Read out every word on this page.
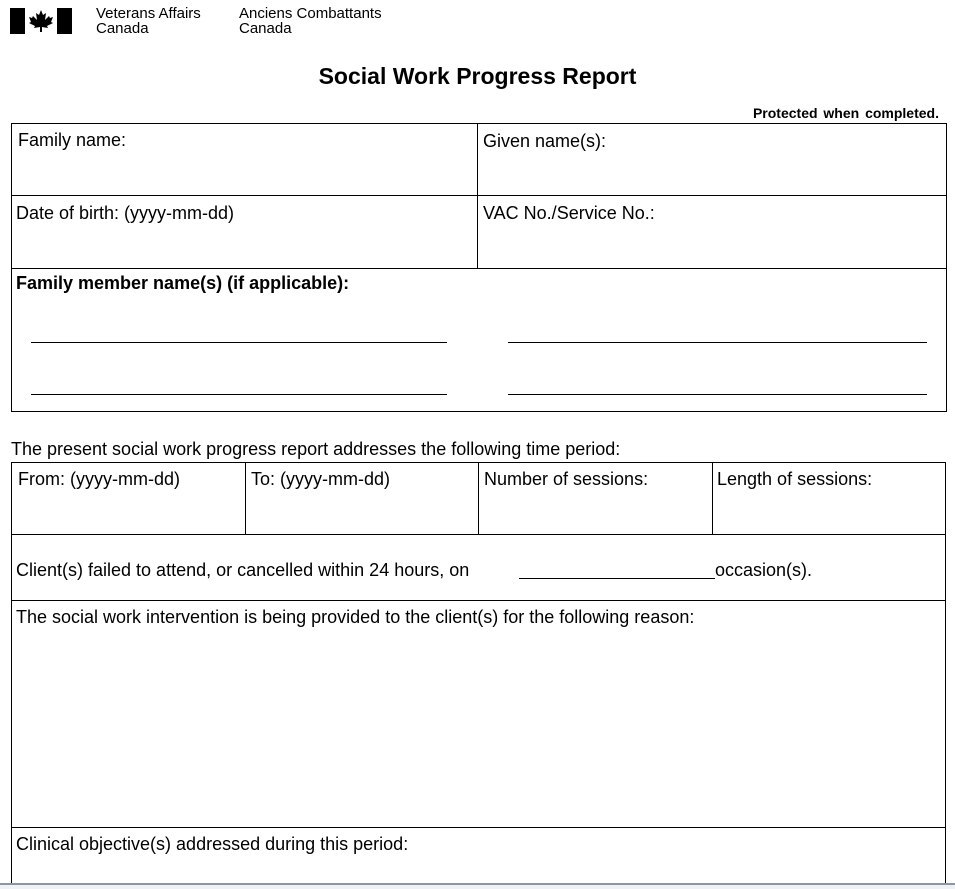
Veterans Affairs
Canada
Anciens Combattants
Canada
Social Work Progress Report
Protected when completed.
Family name:	Given name(s):
Date of birth: (yyyy-mm-dd)	VAC No./Service No.:
Family member name(s) (if applicable):
The present social work progress report addresses the following time period:
From: (yyyy-mm-dd)	To: (yyyy-mm-dd)	Number of sessions:	Length of sessions:
Client(s) failed to attend, or cancelled within 24 hours, on	occasion(s).
The social work intervention is being provided to the client(s) for the following reason:
Clinical objective(s) addressed during this period:
